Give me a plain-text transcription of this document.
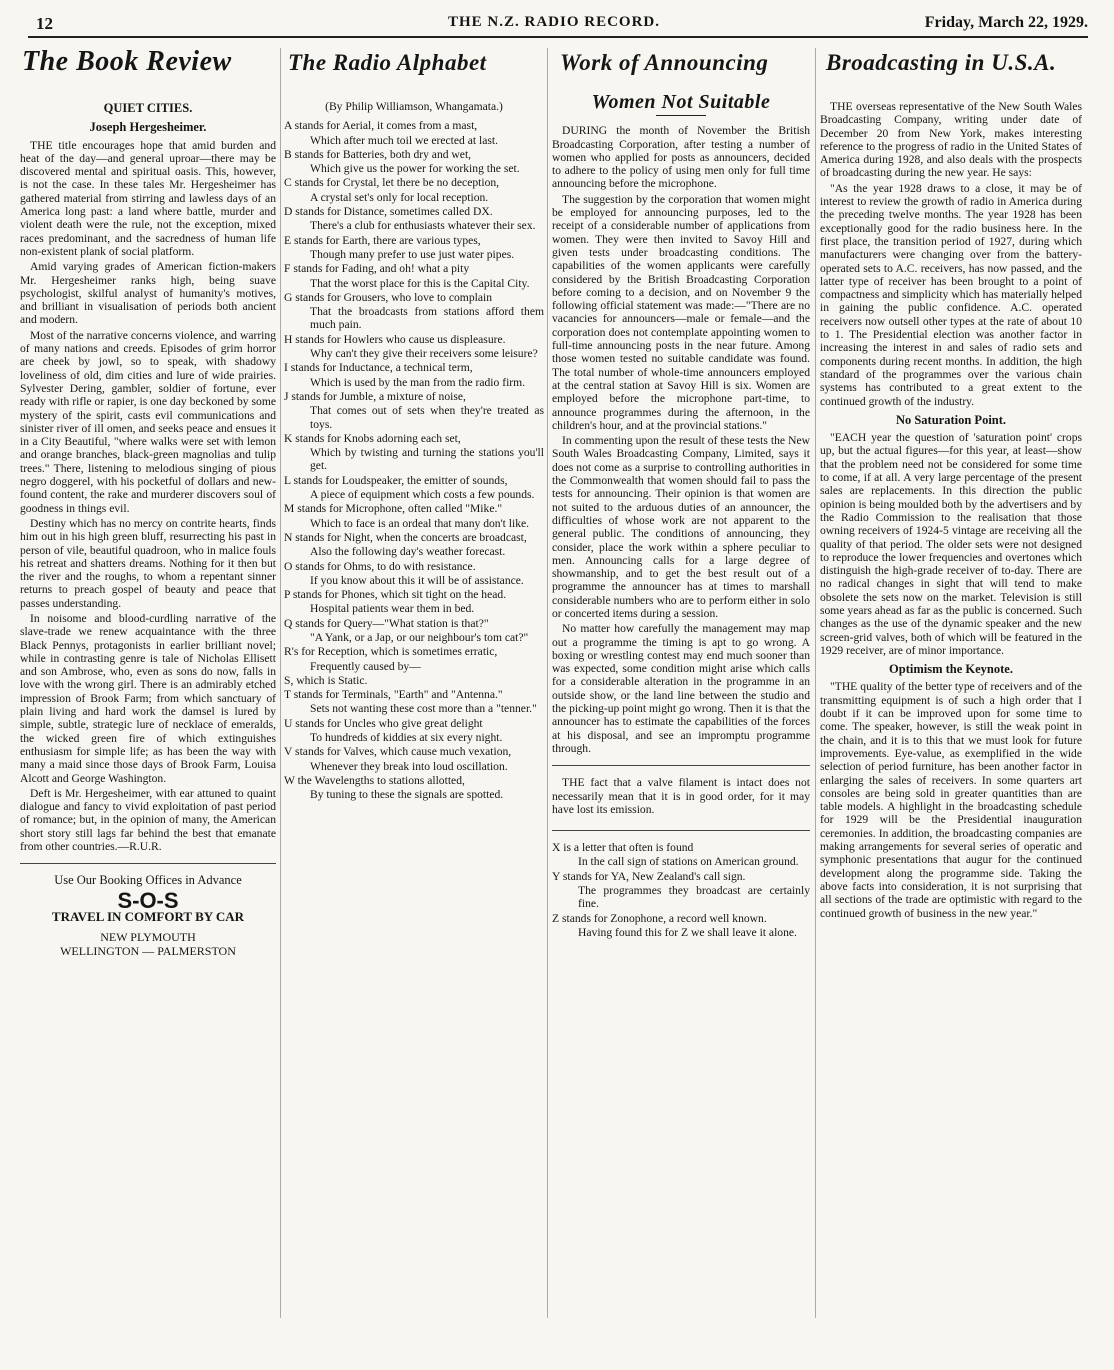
12	THE N.Z. RADIO RECORD.	Friday, March 22, 1929.
The Book Review
QUIET CITIES.
Joseph Hergesheimer.

THE title encourages hope that amid burden and heat of the day—and general uproar—there may be discovered mental and spiritual oasis. This, however, is not the case. In these tales Mr. Hergesheimer has gathered material from stirring and lawless days of an America long past: a land where battle, murder and violent death were the rule, not the exception, mixed races predominant, and the sacredness of human life non-existent plank of social platform.

Amid varying grades of American fiction-makers Mr. Hergesheimer ranks high, being suave psychologist, skilful analyst of humanity's motives, and brilliant in visualisation of periods both ancient and modern.

Most of the narrative concerns violence, and warring of many nations and creeds. Episodes of grim horror are cheek by jowl, so to speak, with shadowy loveliness of old, dim cities and lure of wide prairies. Sylvester Dering, gambler, soldier of fortune, ever ready with rifle or rapier, is one day beckoned by some mystery of the spirit, casts evil communications and sinister river of ill omen, and seeks peace and ensues it in a City Beautiful, "where walks were set with lemon and orange branches, black-green magnolias and tulip trees." There, listening to melodious singing of pious negro doggerel, with his pocketful of dollars and new-found content, the rake and murderer discovers soul of goodness in things evil.

Destiny which has no mercy on contrite hearts, finds him out in his high green bluff, resurrecting his past in person of vile, beautiful quadroon, who in malice fouls his retreat and shatters dreams. Nothing for it then but the river and the roughs, to whom a repentant sinner returns to preach gospel of beauty and peace that passes understanding.

In noisome and blood-curdling narrative of the slave-trade we renew acquaintance with the three Black Pennys, protagonists in earlier brilliant novel; while in contrasting genre is tale of Nicholas Ellisett and son Ambrose, who, even as sons do now, falls in love with the wrong girl. There is an admirably etched impression of Brook Farm; from which sanctuary of plain living and hard work the damsel is lured by simple, subtle, strategic lure of necklace of emeralds, the wicked green fire of which extinguishes enthusiasm for simple life; as has been the way with many a maid since those days of Brook Farm, Louisa Alcott and George Washington.

Deft is Mr. Hergesheimer, with ear attuned to quaint dialogue and fancy to vivid exploitation of past period of romance; but, in the opinion of many, the American short story still lags far behind the best that emanate from other countries.—R.U.R.

Use Our Booking Offices in Advance
S-O-S
TRAVEL IN COMFORT BY CAR
NEW PLYMOUTH
WELLINGTON — PALMERSTON
The Radio Alphabet

(By Philip Williamson, Whangamata.)

A stands for Aerial, it comes from a mast,

Which after much toil we erected at last.

B stands for Batteries, both dry and wet,

Which give us the power for working the set.

C stands for Crystal, let there be no deception,

A crystal set's only for local reception.

D stands for Distance, sometimes called DX.

There's a club for enthusiasts whatever their sex.

E stands for Earth, there are various types,

Though many prefer to use just water pipes.

F stands for Fading, and oh! what a pity

That the worst place for this is the Capital City.

G stands for Grousers, who love to complain

That the broadcasts from stations afford them much pain.

H stands for Howlers who cause us displeasure.

Why can't they give their receivers some leisure?

I stands for Inductance, a technical term,

Which is used by the man from the radio firm.

J stands for Jumble, a mixture of noise,

That comes out of sets when they're treated as toys.

K stands for Knobs adorning each set,

Which by twisting and turning the stations you'll get.

L stands for Loudspeaker, the emitter of sounds,

A piece of equipment which costs a few pounds.

M stands for Microphone, often called "Mike."

Which to face is an ordeal that many don't like.

N stands for Night, when the concerts are broadcast,

Also the following day's weather forecast.

O stands for Ohms, to do with resistance.

If you know about this it will be of assistance.

P stands for Phones, which sit tight on the head.

Hospital patients wear them in bed.

Q stands for Query—"What station is that?"

"A Yank, or a Jap, or our neighbour's tom cat?"

R's for Reception, which is sometimes erratic,

Frequently caused by—

S, which is Static.

T stands for Terminals, "Earth" and "Antenna."

Sets not wanting these cost more than a "tenner."

U stands for Uncles who give great delight

To hundreds of kiddies at six every night.

V stands for Valves, which cause much vexation,

Whenever they break into loud oscillation.

W the Wavelengths to stations allotted,

By tuning to these the signals are spotted.

Work of Announcing
Women Not Suitable

DURING the month of November the British Broadcasting Corporation, after testing a number of women who applied for posts as announcers, decided to adhere to the policy of using men only for full time announcing before the microphone.

The suggestion by the corporation that women might be employed for announcing purposes, led to the receipt of a considerable number of applications from women. They were then invited to Savoy Hill and given tests under broadcasting conditions. The capabilities of the women applicants were carefully considered by the British Broadcasting Corporation before coming to a decision, and on November 9 the following official statement was made:—"There are no vacancies for announcers—male or female—and the corporation does not contemplate appointing women to full-time announcing posts in the near future. Among those women tested no suitable candidate was found. The total number of whole-time announcers employed at the central station at Savoy Hill is six. Women are employed before the microphone part-time, to announce programmes during the afternoon, in the children's hour, and at the provincial stations."

In commenting upon the result of these tests the New South Wales Broadcasting Company, Limited, says it does not come as a surprise to controlling authorities in the Commonwealth that women should fail to pass the tests for announcing. Their opinion is that women are not suited to the arduous duties of an announcer, the difficulties of whose work are not apparent to the general public. The conditions of announcing, they consider, place the work within a sphere peculiar to men. Announcing calls for a large degree of showmanship, and to get the best result out of a programme the announcer has at times to marshall considerable numbers who are to perform either in solo or concerted items during a session.

No matter how carefully the management may map out a programme the timing is apt to go wrong. A boxing or wrestling contest may end much sooner than was expected, some condition might arise which calls for a considerable alteration in the programme in an outside show, or the land line between the studio and the picking-up point might go wrong. Then it is that the announcer has to estimate the capabilities of the forces at his disposal, and see an impromptu programme through.

THE fact that a valve filament is intact does not necessarily mean that it is in good order, for it may have lost its emission.

X is a letter that often is found

In the call sign of stations on American ground.

Y stands for YA, New Zealand's call sign.

The programmes they broadcast are certainly fine.

Z stands for Zonophone, a record well known.

Having found this for Z we shall leave it alone.

Broadcasting in U.S.A.

THE overseas representative of the New South Wales Broadcasting Company, writing under date of December 20 from New York, makes interesting reference to the progress of radio in the United States of America during 1928, and also deals with the prospects of broadcasting during the new year. He says:

"As the year 1928 draws to a close, it may be of interest to review the growth of radio in America during the preceding twelve months. The year 1928 has been exceptionally good for the radio business here. In the first place, the transition period of 1927, during which manufacturers were changing over from the battery-operated sets to A.C. receivers, has now passed, and the latter type of receiver has been brought to a point of compactness and simplicity which has materially helped in gaining the public confidence. A.C. operated receivers now outsell other types at the rate of about 10 to 1. The Presidential election was another factor in increasing the interest in and sales of radio sets and components during recent months. In addition, the high standard of the programmes over the various chain systems has contributed to a great extent to the continued growth of the industry.

No Saturation Point.

"EACH year the question of 'saturation point' crops up, but the actual figures—for this year, at least—show that the problem need not be considered for some time to come, if at all. A very large percentage of the present sales are replacements. In this direction the public opinion is being moulded both by the advertisers and by the Radio Commission to the realisation that those owning receivers of 1924-5 vintage are receiving all the quality of that period. The older sets were not designed to reproduce the lower frequencies and overtones which distinguish the high-grade receiver of to-day. There are no radical changes in sight that will tend to make obsolete the sets now on the market. Television is still some years ahead as far as the public is concerned. Such changes as the use of the dynamic speaker and the new screen-grid valves, both of which will be featured in the 1929 receiver, are of minor importance.

Optimism the Keynote.

"THE quality of the better type of receivers and of the transmitting equipment is of such a high order that I doubt if it can be improved upon for some time to come. The speaker, however, is still the weak point in the chain, and it is to this that we must look for future improvements. Eye-value, as exemplified in the wide selection of period furniture, has been another factor in enlarging the sales of receivers. In some quarters art consoles are being sold in greater quantities than are table models. A highlight in the broadcasting schedule for 1929 will be the Presidential inauguration ceremonies. In addition, the broadcasting companies are making arrangements for several series of operatic and symphonic presentations that augur for the continued development along the programme side. Taking the above facts into consideration, it is not surprising that all sections of the trade are optimistic with regard to the continued growth of business in the new year."
